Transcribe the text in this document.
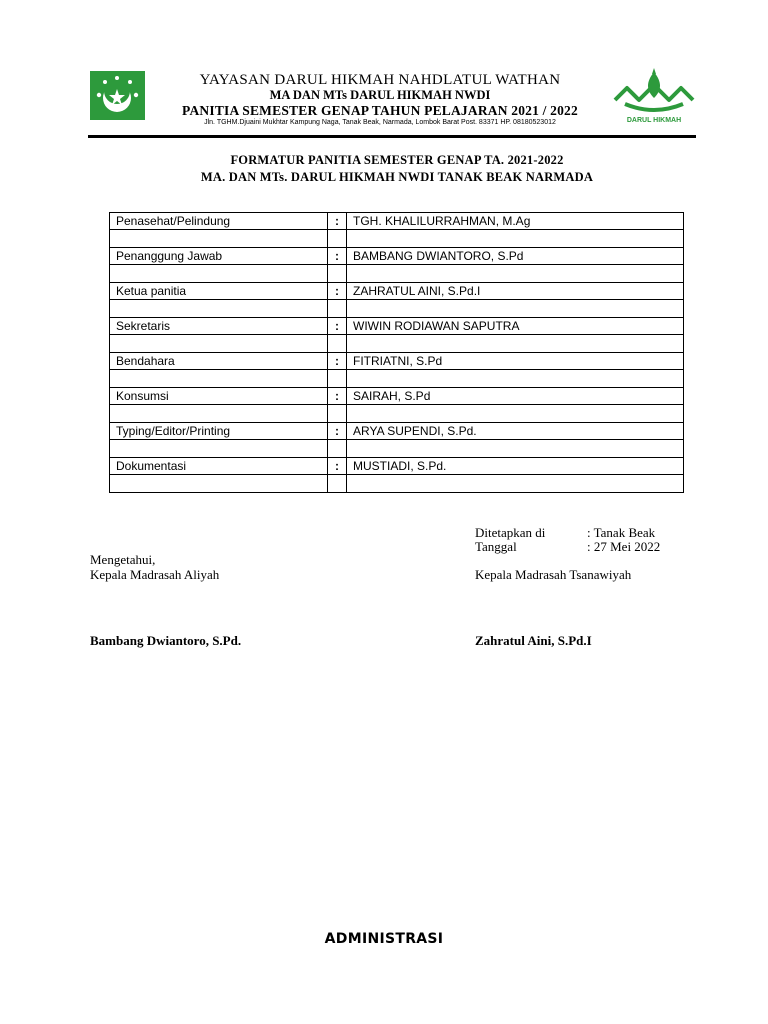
YAYASAN DARUL HIKMAH NAHDLATUL WATHAN
MA DAN MTs DARUL HIKMAH NWDI
PANITIA SEMESTER GENAP TAHUN PELAJARAN 2021 / 2022
Jln. TGHM.Djuaini Mukhtar Kampung Naga, Tanak Beak, Narmada, Lombok Barat Post. 83371 HP. 08180523012	DARUL HIKMAH
FORMATUR PANITIA SEMESTER GENAP TA. 2021-2022
MA. DAN MTs. DARUL HIKMAH NWDI TANAK BEAK NARMADA
Penasehat/Pelindung	:	TGH. KHALILURRAHMAN, M.Ag

Penanggung Jawab	:	BAMBANG DWIANTORO, S.Pd

Ketua panitia	:	ZAHRATUL AINI, S.Pd.I

Sekretaris	:	WIWIN RODIAWAN SAPUTRA

Bendahara	:	FITRIATNI, S.Pd

Konsumsi	:	SAIRAH, S.Pd

Typing/Editor/Printing	:	ARYA SUPENDI, S.Pd.

Dokumentasi	:	MUSTIADI, S.Pd.

Ditetapkan di	: Tanak Beak
Tanggal	: 27 Mei 2022
Mengetahui,
Kepala Madrasah Aliyah	Kepala Madrasah Tsanawiyah
Bambang Dwiantoro, S.Pd.	Zahratul Aini, S.Pd.I
ADMINISTRASI
